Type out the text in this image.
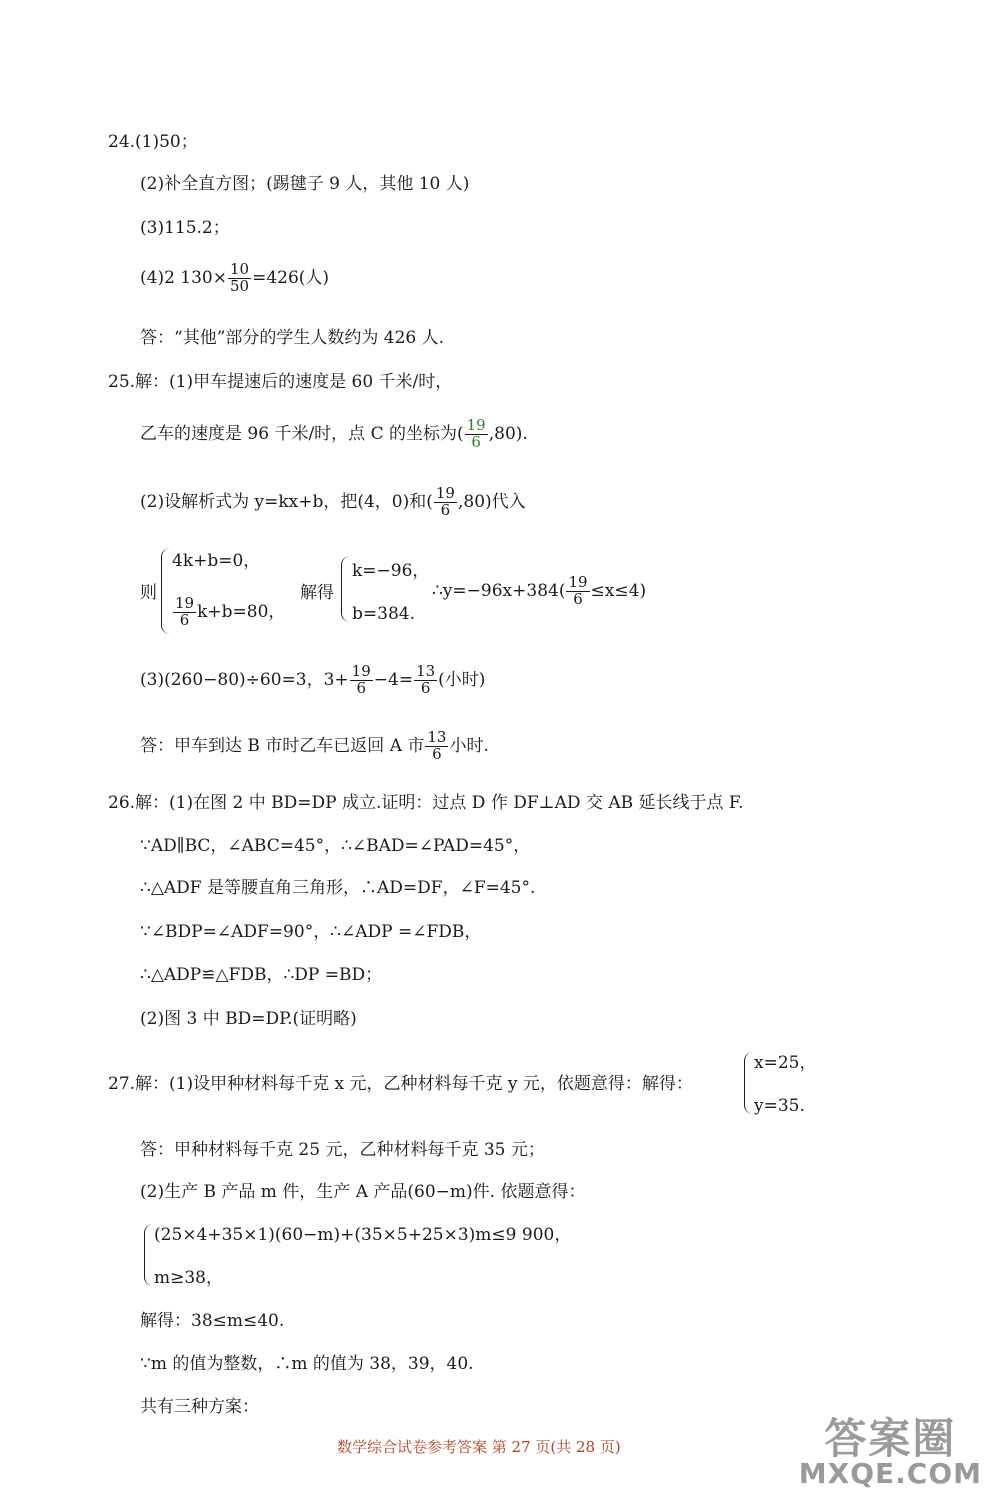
24.(1)50；
(2)补全直方图；(踢毽子 9 人，其他 10 人)
(3)115.2；
(4)2 $130\times \frac{10}{50} =426$(人)
答：“其他”部分的学生人数约为 426 人.
25.解：(1)甲车提速后的速度是 60 千米/时，
乙车的速度是 96 千米/时，点 C 的坐标为( $\frac{19}{6} ,80$).
(2)设解析式为 y=kx+b，把(4，0)和( $\frac{19}{6} ,80$)代入
则
4k+b=0，
$\frac{19}{6} k+b=80$，
解得
k=−96，
b=384.
∴y=−96x+384( $\frac{19}{6} \le x\le 4$)
(3)(260−80)÷60=3，$3+ \frac{19}{6} -4= \frac{13}{6}$ (小时)
答：甲车到达 B 市时乙车已返回 A 市 $\frac{13}{6}$ 小时.
26.解：(1)在图 2 中 BD=DP 成立.证明：过点 D 作 DF⊥AD 交 AB 延长线于点 F.
∵AD∥BC，∠ABC=45°，∴∠BAD=∠PAD=45°，
∴△ADF 是等腰直角三角形，∴AD=DF，∠F=45°.
∵∠BDP=∠ADF=90°，∴∠ADP =∠FDB，
∴△ADP≌△FDB，∴DP =BD；
(2)图 3 中 BD=DP.(证明略)
27.解：(1)设甲种材料每千克 x 元，乙种材料每千克 y 元，依题意得：解得：
x=25，
y=35.
答：甲种材料每千克 25 元，乙种材料每千克 35 元；
(2)生产 B 产品 m 件，生产 A 产品(60−m)件. 依题意得：
(25×4+35×1)(60−m)+(35×5+25×3)m≤9 900，
m≥38，
解得：38≤m≤40.
∵m 的值为整数，∴m 的值为 38，39，40.
共有三种方案：
数学综合试卷参考答案 第 27 页(共 28 页)	答案圈
MXQE.COM
